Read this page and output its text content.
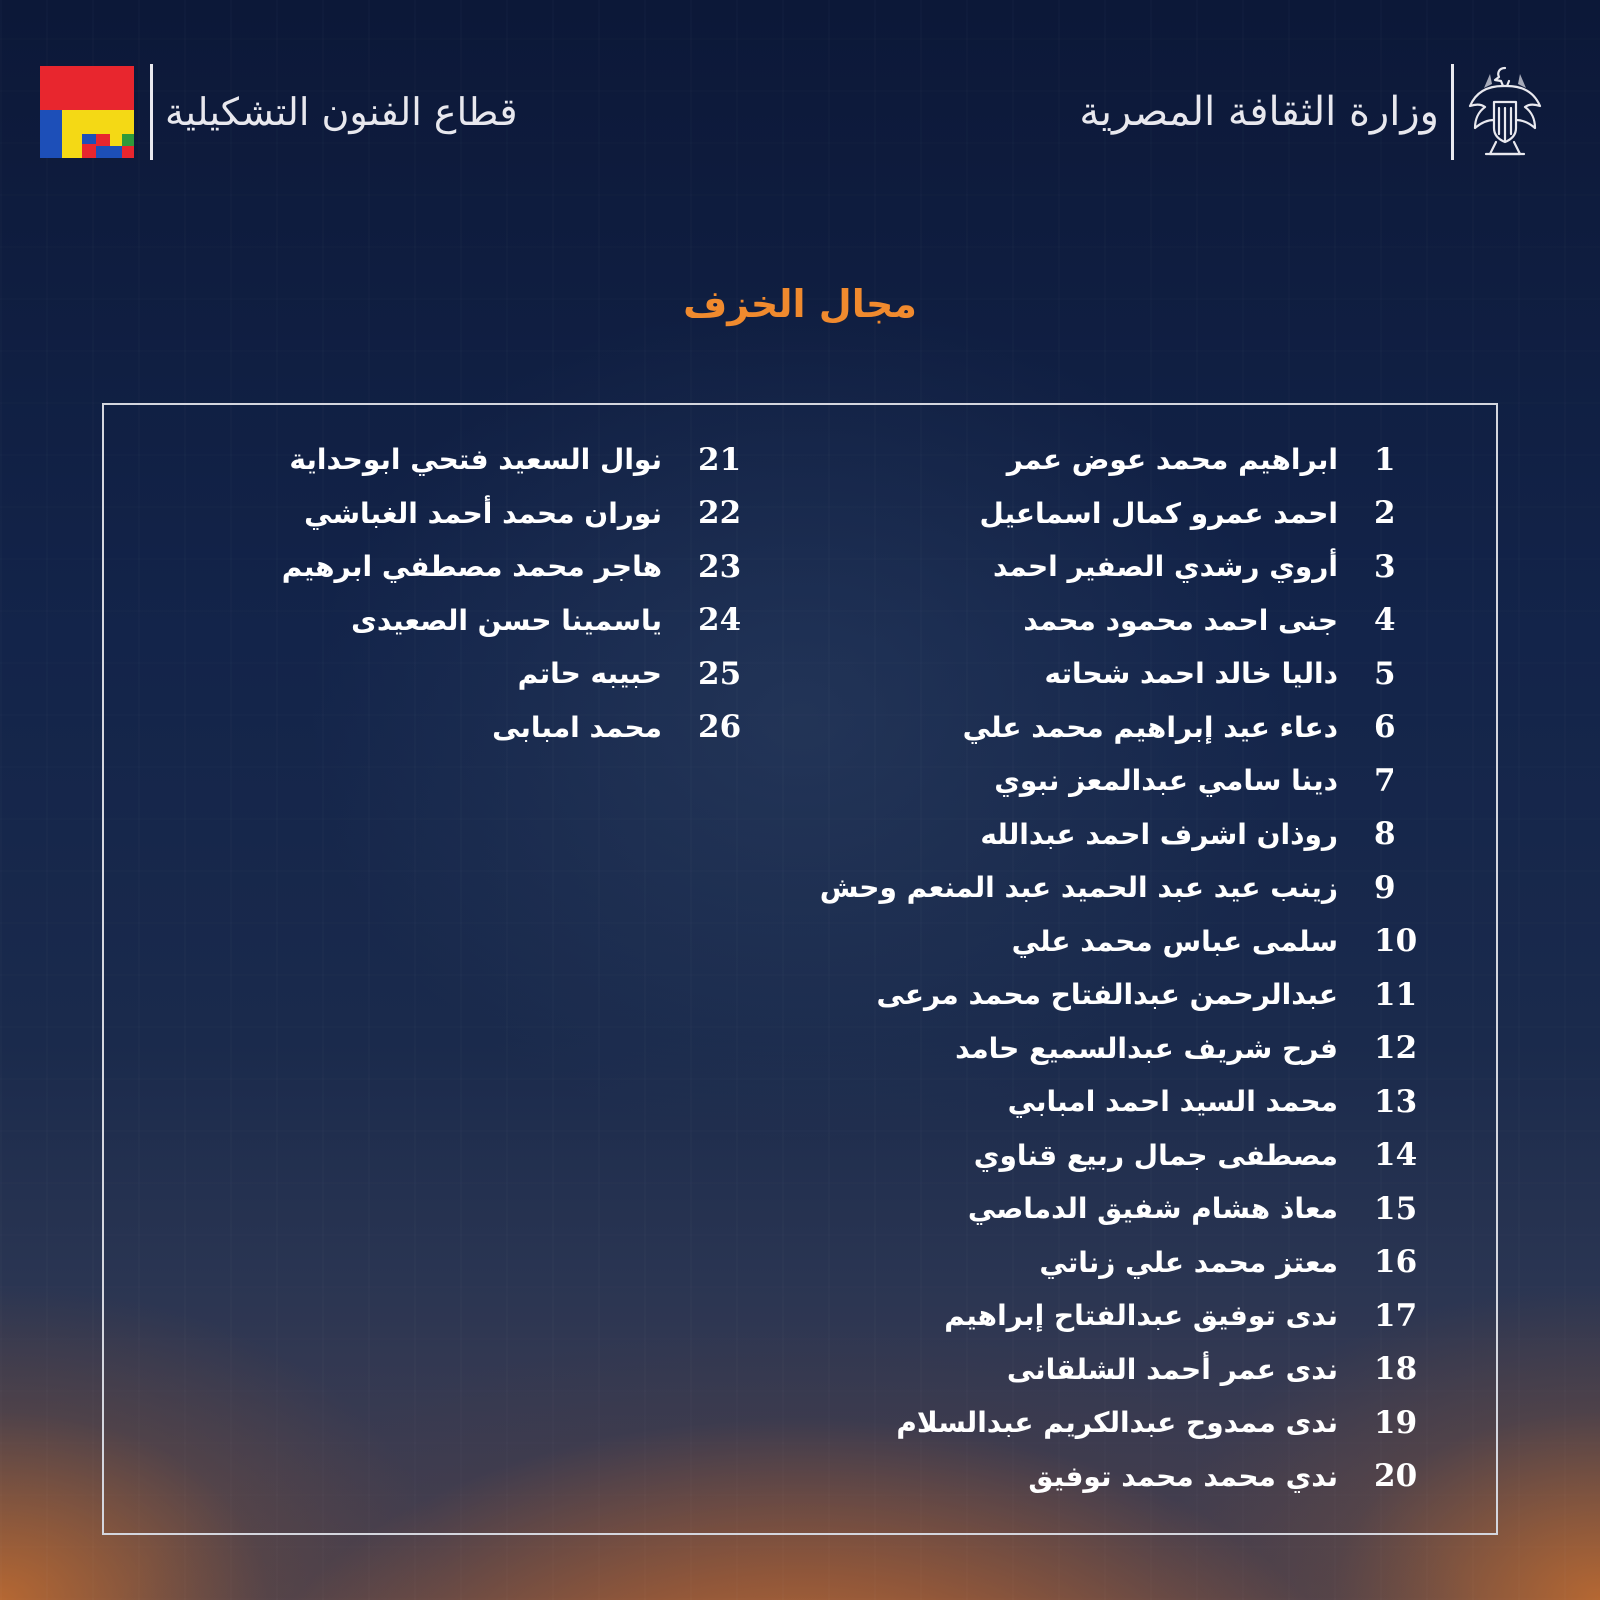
قطاع الفنون التشكيلية	وزارة الثقافة المصرية
مجال الخزف
1
ابراهيم محمد عوض عمر
2
احمد عمرو كمال اسماعيل
3
أروي رشدي الصفير احمد
4
جنى احمد محمود محمد
5
داليا خالد احمد شحاته
6
دعاء عيد إبراهيم محمد علي
7
دينا سامي عبدالمعز نبوي
8
روذان اشرف احمد عبدالله
9
زينب عيد عبد الحميد عبد المنعم وحش
10
سلمى عباس محمد علي
11
عبدالرحمن عبدالفتاح محمد مرعى
12
فرح شريف عبدالسميع حامد
13
محمد السيد احمد امبابي
14
مصطفى جمال ربيع قناوي
15
معاذ هشام شفيق الدماصي
16
معتز محمد علي زناتي
17
ندى توفيق عبدالفتاح إبراهيم
18
ندى عمر أحمد الشلقانى
19
ندى ممدوح عبدالكريم عبدالسلام
20
ندي محمد محمد توفيق
21
نوال السعيد فتحي ابوحداية
22
نوران محمد أحمد الغباشي
23
هاجر محمد مصطفي ابرهيم
24
ياسمينا حسن الصعيدى
25
حبيبه حاتم
26
محمد امبابى
